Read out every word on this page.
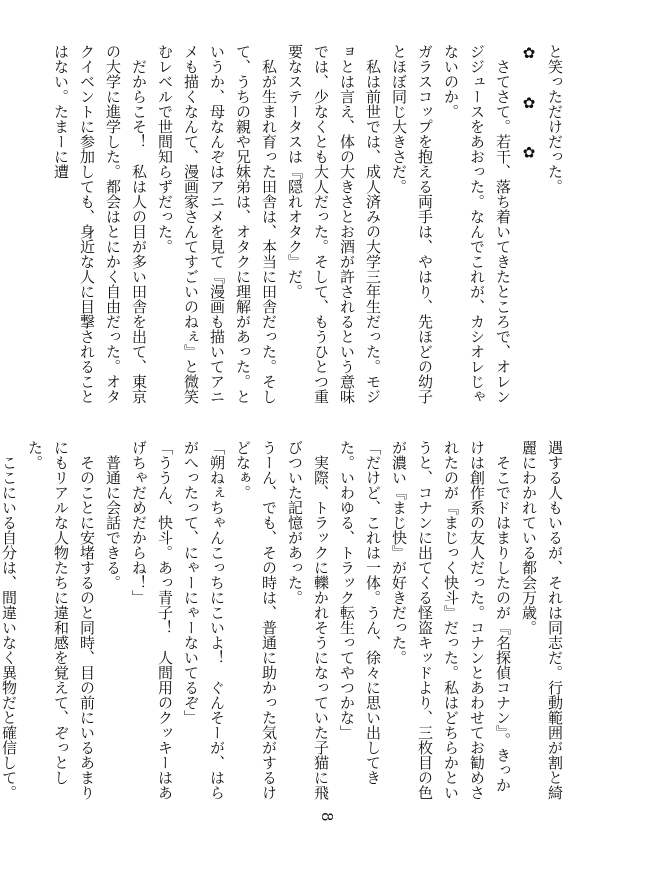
と笑っただけだった。

✿ ✿ ✿

さてさて。若干、落ち着いてきたところで、オレンジジュースをあおった。なんでこれが、カシオレじゃないのか。

ガラスコップを抱える両手は、やはり、先ほどの幼子とほぼ同じ大きさだ。

私は前世では、成人済みの大学三年生だった。モジョとは言え、体の大きさとお酒が許されるという意味では、少なくとも大人だった。そして、もうひとつ重要なステータスは『隠れオタク』だ。

私が生まれ育った田舎は、本当に田舎だった。そして、うちの親や兄妹弟は、オタクに理解があった。というか、母なんぞはアニメを見て『漫画も描いてアニメも描くなんて、漫画家さんてすごいのねぇ』と微笑むレベルで世間知らずだった。

だからこそ！　私は人の目が多い田舎を出て、東京の大学に進学した。都会はとにかく自由だった。オタクイベントに参加しても、身近な人に目撃されることはない。たまーに遭

遇する人もいるが、それは同志だ。行動範囲が割と綺麗にわかれている都会万歳。

そこでドはまりしたのが『名探偵コナン』。きっかけは創作系の友人だった。コナンとあわせてお勧めされたのが『まじっく快斗』だった。私はどちらかというと、コナンに出てくる怪盗キッドより、三枚目の色が濃い『まじ快』が好きだった。

「だけど、これは一体。うん、徐々に思い出してきた。いわゆる、トラック転生ってやつかな」

実際、トラックに轢かれそうになっていた子猫に飛びついた記憶があった。

うーん、でも、その時は、普通に助かった気がするけどなぁ。

「朔ねぇちゃんこっちにこいよ！　ぐんそーが、はらがへったって、にゃーにゃーないてるぞ」

「ううん、快斗。あっ青子！　人間用のクッキーはあげちゃだめだからね！」

普通に会話できる。

そのことに安堵するのと同時、目の前にいるあまりにもリアルな人物たちに違和感を覚えて、ぞっとした。

ここにいる自分は、間違いなく異物だと確信して。

8
